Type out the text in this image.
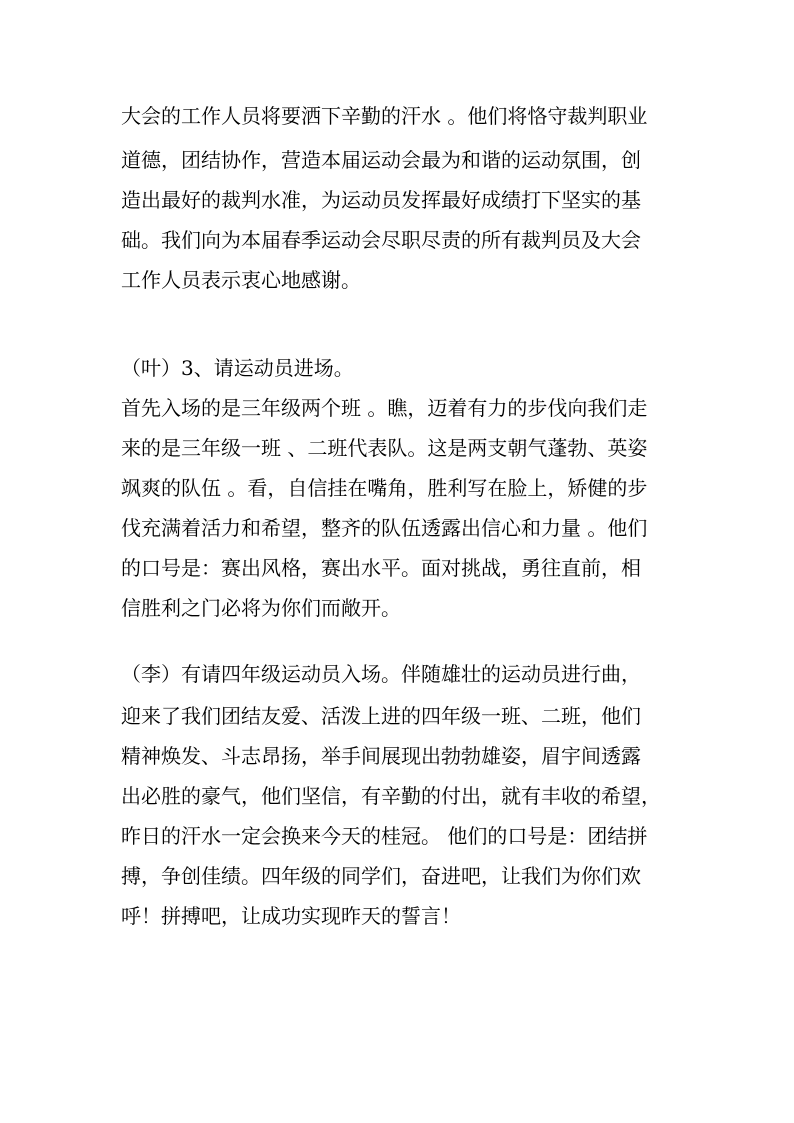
大会的工作人员将要洒下辛勤的汗水 。他们将恪守裁判职业
道德，团结协作，营造本届运动会最为和谐的运动氛围，创
造出最好的裁判水准，为运动员发挥最好成绩打下坚实的基
础。我们向为本届春季运动会尽职尽责的所有裁判员及大会
工作人员表示衷心地感谢。
（叶）3、请运动员进场。
首先入场的是三年级两个班 。瞧，迈着有力的步伐向我们走
来的是三年级一班 、二班代表队。这是两支朝气蓬勃、英姿
飒爽的队伍 。看，自信挂在嘴角，胜利写在脸上，矫健的步
伐充满着活力和希望，整齐的队伍透露出信心和力量 。他们
的口号是：赛出风格，赛出水平。面对挑战，勇往直前，相
信胜利之门必将为你们而敞开。
（李）有请四年级运动员入场。伴随雄壮的运动员进行曲，
迎来了我们团结友爱、活泼上进的四年级一班、二班，他们
精神焕发、斗志昂扬，举手间展现出勃勃雄姿，眉宇间透露
出必胜的豪气，他们坚信，有辛勤的付出，就有丰收的希望，
昨日的汗水一定会换来今天的桂冠。 他们的口号是：团结拼
搏，争创佳绩。四年级的同学们，奋进吧，让我们为你们欢
呼！拼搏吧，让成功实现昨天的誓言！
